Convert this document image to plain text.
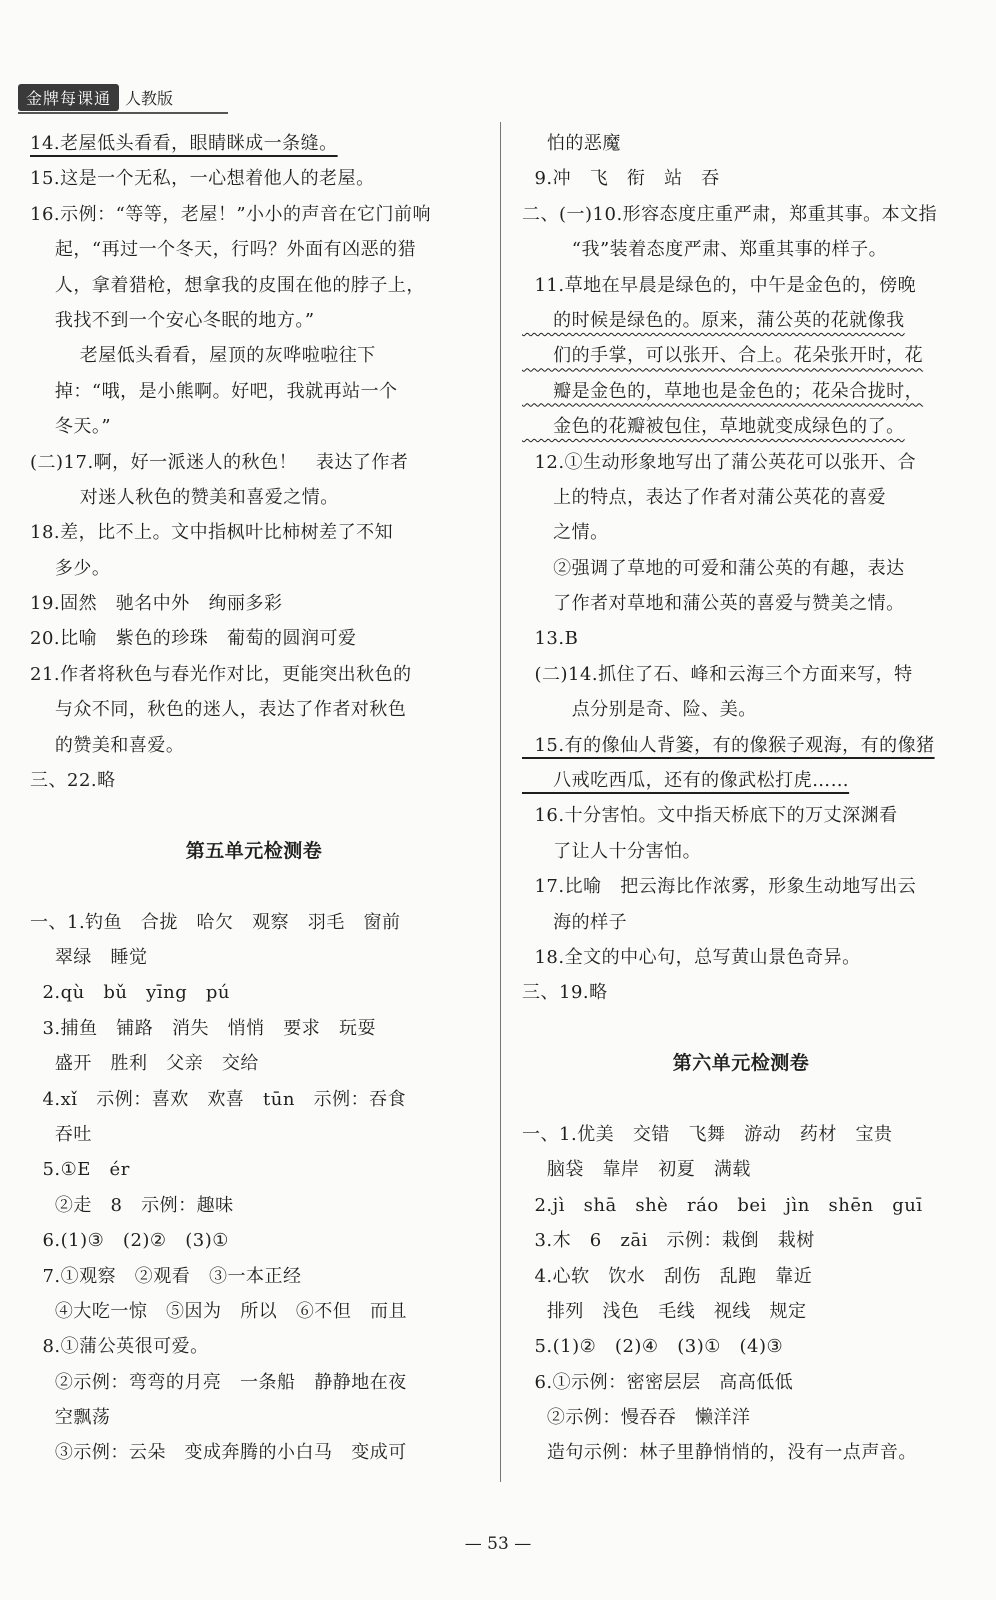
金牌每课通 人教版
14.老屋低头看看，眼睛眯成一条缝。
15.这是一个无私，一心想着他人的老屋。
16.示例：“等等，老屋！”小小的声音在它门前响
起，“再过一个冬天，行吗？外面有凶恶的猎
人，拿着猎枪，想拿我的皮围在他的脖子上，
我找不到一个安心冬眠的地方。”
老屋低头看看，屋顶的灰哗啦啦往下
掉：“哦，是小熊啊。好吧，我就再站一个
冬天。”
(二)17.啊，好一派迷人的秋色！   表达了作者
对迷人秋色的赞美和喜爱之情。
18.差，比不上。文中指枫叶比柿树差了不知
多少。
19.固然   驰名中外   绚丽多彩
20.比喻   紫色的珍珠   葡萄的圆润可爱
21.作者将秋色与春光作对比，更能突出秋色的
与众不同，秋色的迷人，表达了作者对秋色
的赞美和喜爱。
三、22.略
第五单元检测卷
一、1.钓鱼   合拢   哈欠   观察   羽毛   窗前
翠绿   睡觉
2.qù   bǔ   yīng   pú
3.捕鱼   铺路   消失   悄悄   要求   玩耍
盛开   胜利   父亲   交给
4.xǐ   示例：喜欢   欢喜   tūn   示例：吞食
吞吐
5.①E   ér
②走   8   示例：趣味
6.(1)③   (2)②   (3)①
7.①观察   ②观看   ③一本正经
④大吃一惊   ⑤因为   所以   ⑥不但   而且
8.①蒲公英很可爱。
②示例：弯弯的月亮   一条船   静静地在夜
空飘荡
③示例：云朵   变成奔腾的小白马   变成可
怕的恶魔
9.冲   飞   衔   站   吞
二、(一)10.形容态度庄重严肃，郑重其事。本文指
“我”装着态度严肃、郑重其事的样子。
11.草地在早晨是绿色的，中午是金色的，傍晚
的时候是绿色的。原来，蒲公英的花就像我
们的手掌，可以张开、合上。花朵张开时，花
瓣是金色的，草地也是金色的；花朵合拢时，
金色的花瓣被包住，草地就变成绿色的了。
12.①生动形象地写出了蒲公英花可以张开、合
上的特点，表达了作者对蒲公英花的喜爱
之情。
②强调了草地的可爱和蒲公英的有趣，表达
了作者对草地和蒲公英的喜爱与赞美之情。
13.B
(二)14.抓住了石、峰和云海三个方面来写，特
点分别是奇、险、美。
15.有的像仙人背篓，有的像猴子观海，有的像猪
八戒吃西瓜，还有的像武松打虎……
16.十分害怕。文中指天桥底下的万丈深渊看
了让人十分害怕。
17.比喻   把云海比作浓雾，形象生动地写出云
海的样子
18.全文的中心句，总写黄山景色奇异。
三、19.略
第六单元检测卷
一、1.优美   交错   飞舞   游动   药材   宝贵
脑袋   靠岸   初夏   满载
2.jì   shā   shè   ráo   bei   jìn   shēn   guī
3.木   6   zāi   示例：栽倒   栽树
4.心软   饮水   刮伤   乱跑   靠近
排列   浅色   毛线   视线   规定
5.(1)②   (2)④   (3)①   (4)③
6.①示例：密密层层   高高低低
②示例：慢吞吞   懒洋洋
造句示例：林子里静悄悄的，没有一点声音。
— 53 —
